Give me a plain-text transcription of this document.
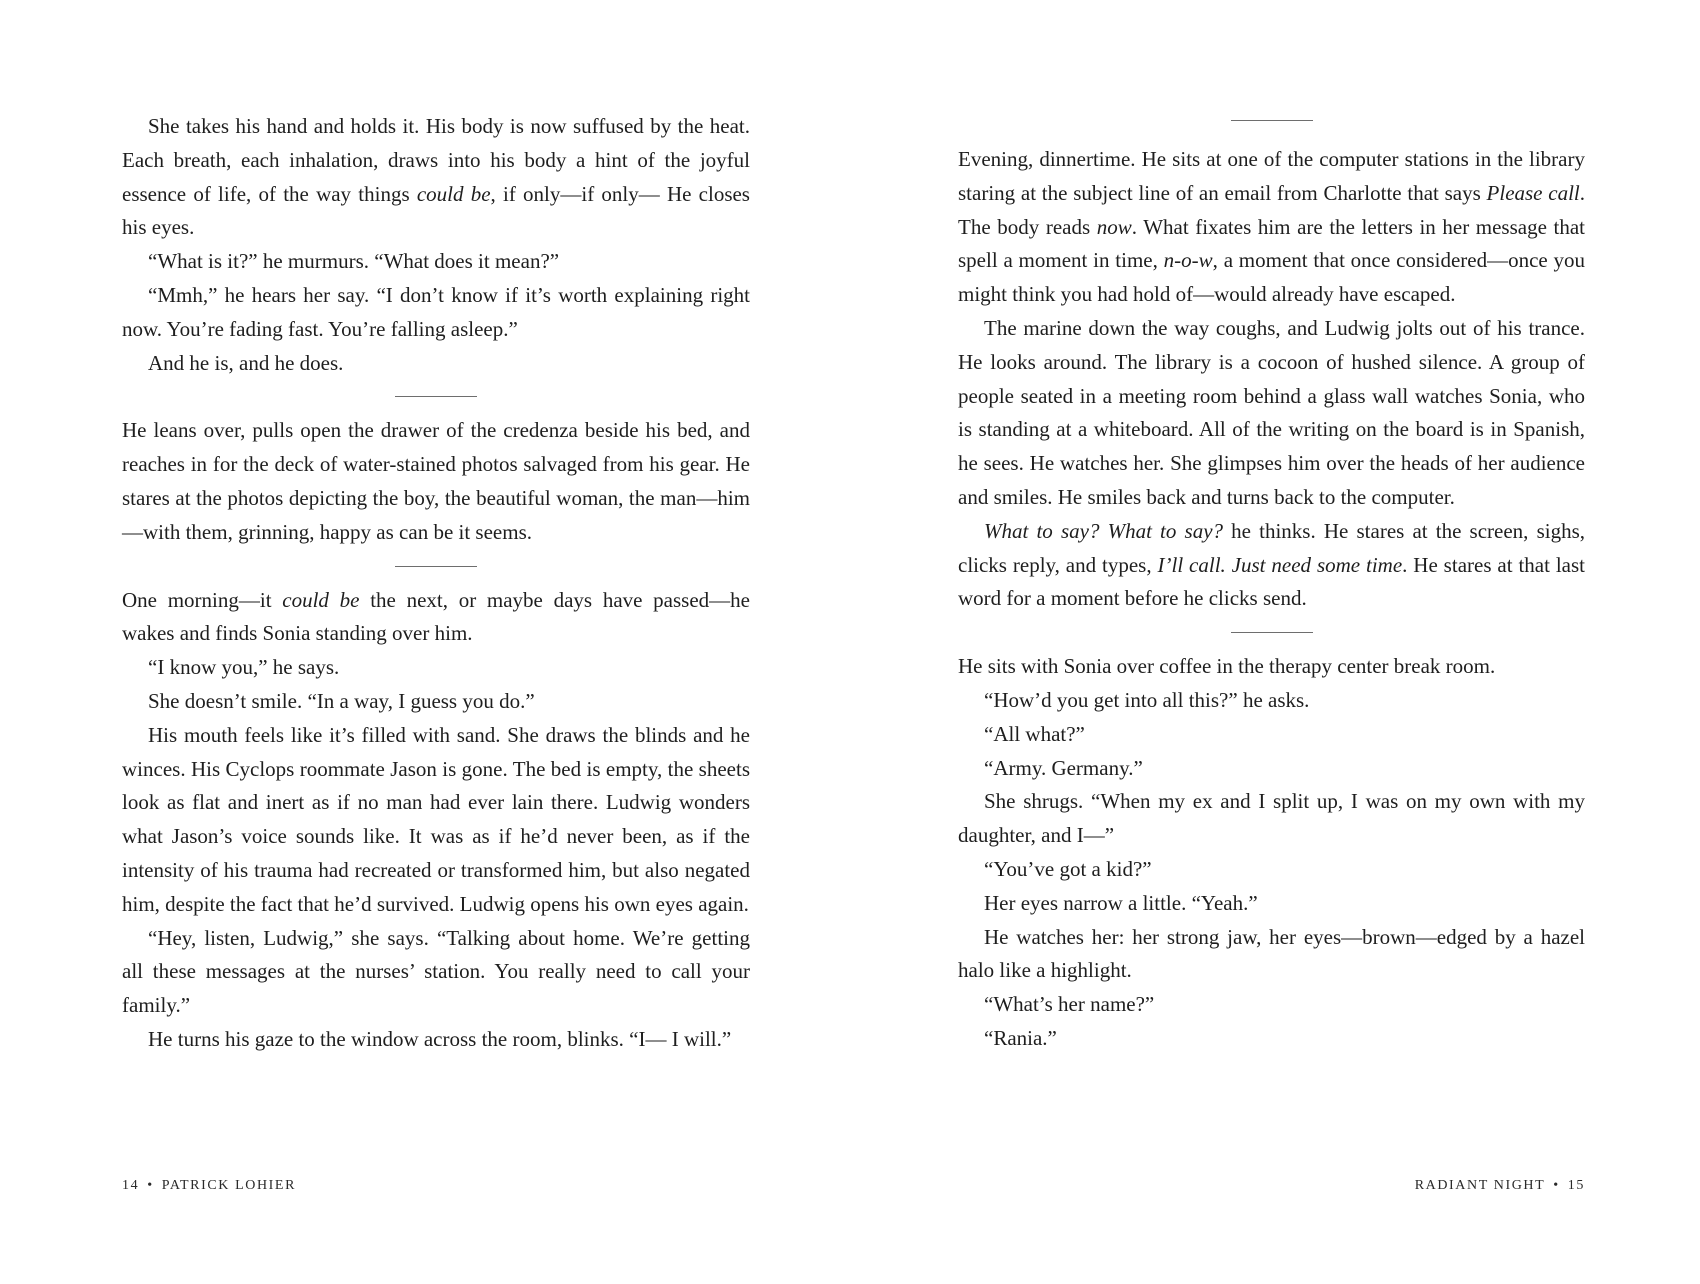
She takes his hand and holds it. His body is now suffused by the heat. Each breath, each inhalation, draws into his body a hint of the joyful essence of life, of the way things could be, if only—if only— He closes his eyes.

“What is it?” he murmurs. “What does it mean?”

“Mmh,” he hears her say. “I don’t know if it’s worth explaining right now. You’re fading fast. You’re falling asleep.”

And he is, and he does.

He leans over, pulls open the drawer of the credenza beside his bed, and reaches in for the deck of water-stained photos salvaged from his gear. He stares at the photos depicting the boy, the beautiful woman, the man—him—with them, grinning, happy as can be it seems.

One morning—it could be the next, or maybe days have passed—he wakes and finds Sonia standing over him.

“I know you,” he says.

She doesn’t smile. “In a way, I guess you do.”

His mouth feels like it’s filled with sand. She draws the blinds and he winces. His Cyclops roommate Jason is gone. The bed is empty, the sheets look as flat and inert as if no man had ever lain there. Ludwig wonders what Jason’s voice sounds like. It was as if he’d never been, as if the intensity of his trauma had recreated or transformed him, but also negated him, despite the fact that he’d survived. Ludwig opens his own eyes again.

“Hey, listen, Ludwig,” she says. “Talking about home. We’re getting all these messages at the nurses’ station. You really need to call your family.”

He turns his gaze to the window across the room, blinks. “I— I will.”

14 • PATRICK LOHIER

Evening, dinnertime. He sits at one of the computer stations in the library staring at the subject line of an email from Charlotte that says Please call. The body reads now. What fixates him are the letters in her message that spell a moment in time, n-o-w, a moment that once considered—once you might think you had hold of—would already have escaped.

The marine down the way coughs, and Ludwig jolts out of his trance. He looks around. The library is a cocoon of hushed silence. A group of people seated in a meeting room behind a glass wall watches Sonia, who is standing at a whiteboard. All of the writing on the board is in Spanish, he sees. He watches her. She glimpses him over the heads of her audience and smiles. He smiles back and turns back to the computer.

What to say? What to say? he thinks. He stares at the screen, sighs, clicks reply, and types, I’ll call. Just need some time. He stares at that last word for a moment before he clicks send.

He sits with Sonia over coffee in the therapy center break room.

“How’d you get into all this?” he asks.

“All what?”

“Army. Germany.”

She shrugs. “When my ex and I split up, I was on my own with my daughter, and I—”

“You’ve got a kid?”

Her eyes narrow a little. “Yeah.”

He watches her: her strong jaw, her eyes—brown—edged by a hazel halo like a highlight.

“What’s her name?”

“Rania.”

RADIANT NIGHT • 15
